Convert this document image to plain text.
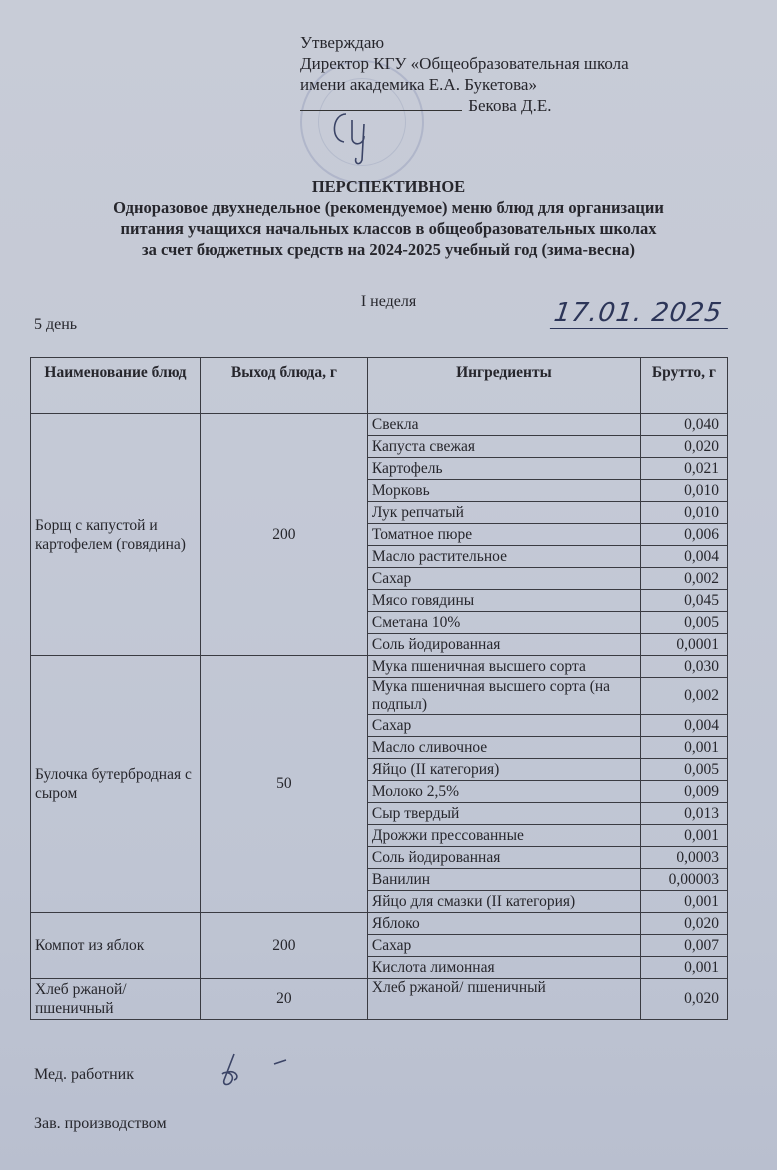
Утверждаю
Директор КГУ «Общеобразовательная школа
имени академика Е.А. Букетова»
Бекова Д.Е.
ПЕРСПЕКТИВНОЕ
Одноразовое двухнедельное (рекомендуемое) меню блюд для организации
питания учащихся начальных классов в общеобразовательных школах
за счет бюджетных средств на 2024-2025 учебный год (зима-весна)
I неделя
5 день	17.01. 2025
Наименование блюд	Выход блюда, г	Ингредиенты	Брутто, г
Борщ с капустой и картофелем (говядина)	200	Свекла	0,040
		Капуста свежая	0,020
		Картофель	0,021
		Морковь	0,010
		Лук репчатый	0,010
		Томатное пюре	0,006
		Масло растительное	0,004
		Сахар	0,002
		Мясо говядины	0,045
		Сметана 10%	0,005
		Соль йодированная	0,0001
Булочка бутербродная с сыром	50	Мука пшеничная высшего сорта	0,030
		Мука пшеничная высшего сорта (на подпыл)	0,002
		Сахар	0,004
		Масло сливочное	0,001
		Яйцо (II категория)	0,005
		Молоко 2,5%	0,009
		Сыр твердый	0,013
		Дрожжи прессованные	0,001
		Соль йодированная	0,0003
		Ванилин	0,00003
		Яйцо для смазки (II категория)	0,001
Компот из яблок	200	Яблоко	0,020
		Сахар	0,007
		Кислота лимонная	0,001
Хлеб ржаной/ пшеничный	20	Хлеб ржаной/ пшеничный	0,020
Мед. работник
Зав. производством
